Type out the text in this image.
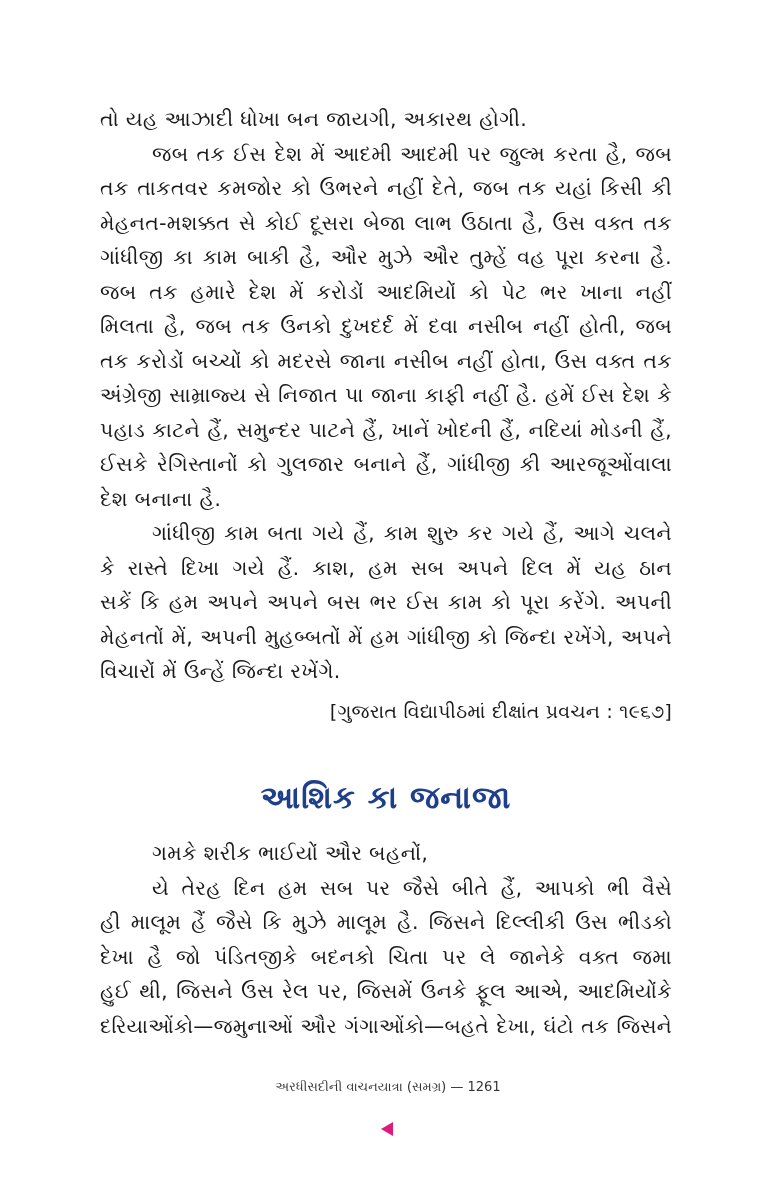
તો યહ આઝાદી ધોખા બન જાયગી, અકારથ હોગી.
જબ તક ઈસ દેશ મેં આદમી આદમી પર જુલ્મ કરતા હૈ, જબ
તક તાકતવર કમજોર કો ઉભરને નહીં દેતે, જબ તક યહાં કિસી કી
મેહનત-મશક્કત સે કોઈ દૂસરા બેજા લાભ ઉઠાતા હૈ, ઉસ વક્ત તક
ગાંધીજી કા કામ બાકી હૈ, ઔર મુઝે ઔર તુમ્હેં વહ પૂરા કરના હૈ.
જબ તક હમારે દેશ મેં કરોડોં આદમિયોં કો પેટ ભર ખાના નહીં
મિલતા હૈ, જબ તક ઉનકો દુખદર્દ મેં દવા નસીબ નહીં હોતી, જબ
તક કરોડોં બચ્ચોં કો મદરસે જાના નસીબ નહીં હોતા, ઉસ વક્ત તક
અંગ્રેજી સામ્રાજ્ય સે નિજાત પા જાના કાફી નહીં હૈ. હમેં ઈસ દેશ કે
પહાડ કાટને હૈં, સમુન્દર પાટને હૈં, ખાનેં ખોદની હૈં, નદિયાં મોડની હૈં,
ઈસકે રેગિસ્તાનોં કો ગુલજાર બનાને હૈં, ગાંધીજી કી આરજૂઓંવાલા
દેશ બનાના હૈ.
ગાંધીજી કામ બતા ગયે હૈં, કામ શુરુ કર ગયે હૈં, આગે ચલને
કે રાસ્તે દિખા ગયે હૈં. કાશ, હમ સબ અપને દિલ મેં યહ ઠાન
સકેં કિ હમ અપને અપને બસ ભર ઈસ કામ કો પૂરા કરેંગે. અપની
મેહનતોં મેં, અપની મુહબ્બતોં મેં હમ ગાંધીજી કો જિન્દા રખેંગે, અપને
વિચારોં મેં ઉન્હેં જિન્દા રખેંગે.
[ગુજરાત વિદ્યાપીઠમાં દીક્ષાંત પ્રવચન : ૧૯૬૭]
આશિક કા જનાજા
ગમકે શરીક ભાઈયોં ઔર બહનોં,
યે તેરહ દિન હમ સબ પર જૈસે બીતે હૈં, આપકો ભી વૈસે
હી માલૂમ હૈં જૈસે કિ મુઝે માલૂમ હૈ. જિસને દિલ્લીકી ઉસ ભીડકો
દેખા હૈ જો પંડિતજીકે બદનકો ચિતા પર લે જાનેકે વક્ત જમા
હુઈ થી, જિસને ઉસ રેલ પર, જિસમેં ઉનકે ફૂલ આએ, આદમિયોંકે
દરિયાઓંકો—જમુનાઓં ઔર ગંગાઓંકો—બહતે દેખા, ઘંટો તક જિસને
અરધીસદીની વાચનયાત્રા (સમગ્ર) — 1261
